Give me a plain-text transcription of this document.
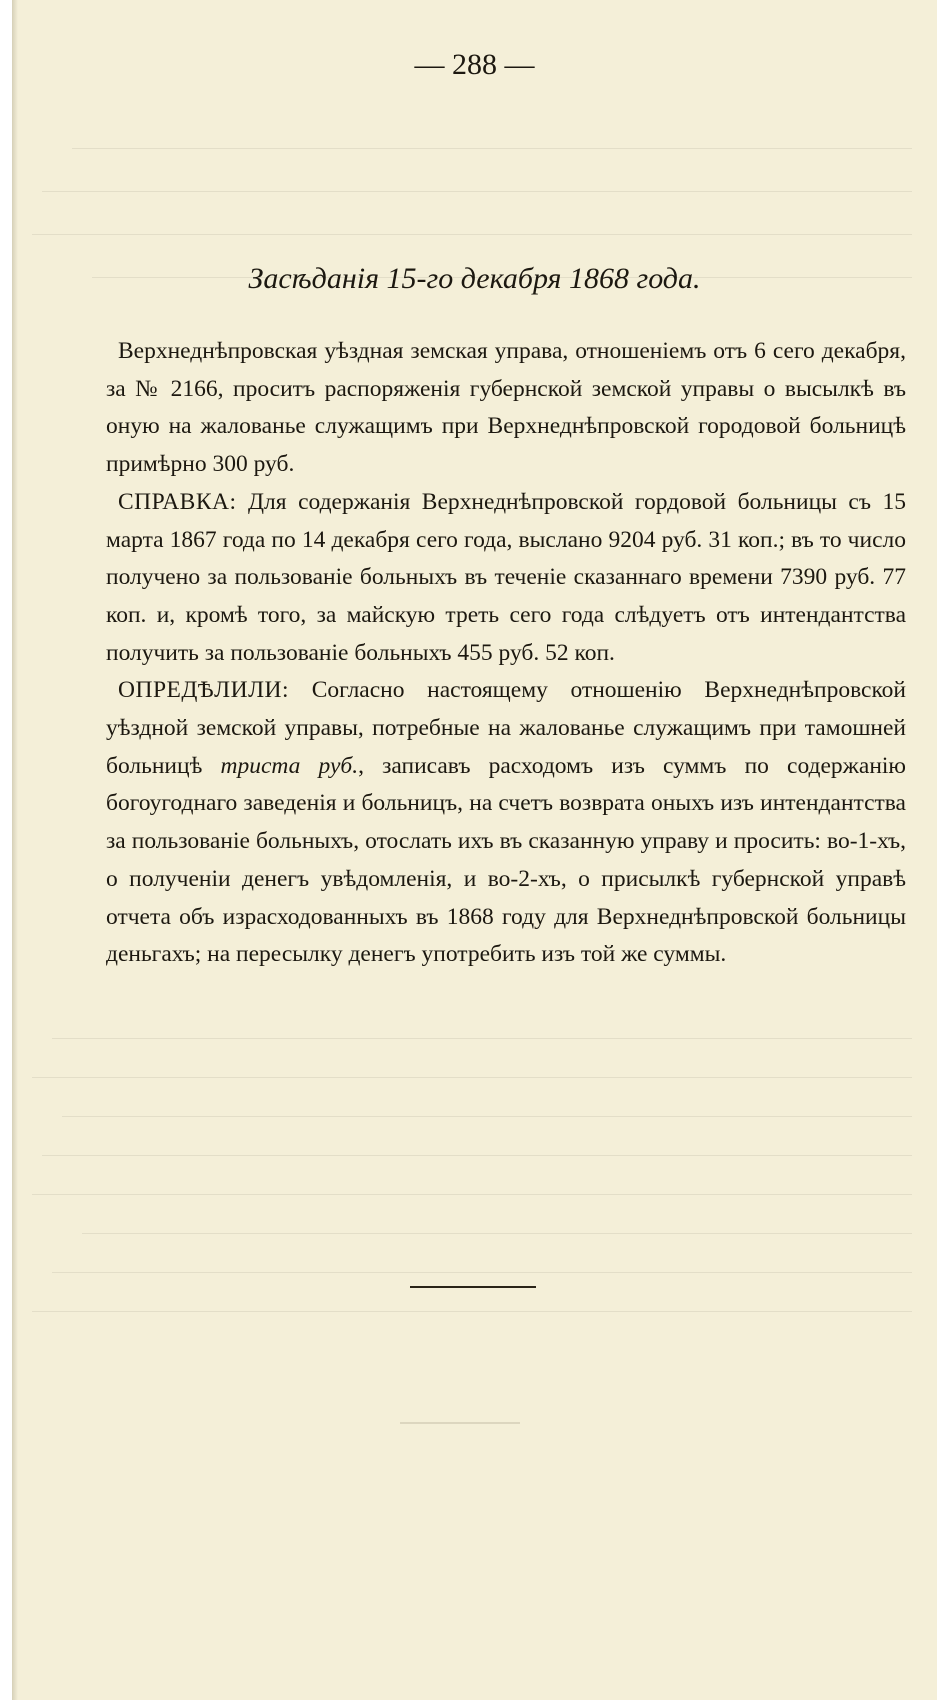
— 288 —
Засѣданія 15-го декабря 1868 года.

Верхнеднѣпровская уѣздная земская управа, отношеніемъ отъ 6 сего декабря, за № 2166, проситъ распоряженія губернской земской управы о высылкѣ въ оную на жалованье служащимъ при Верхнеднѣпровской городовой больницѣ примѣрно 300 руб.

СПРАВКА: Для содержанія Верхнеднѣпровской гордовой больницы съ 15 марта 1867 года по 14 декабря сего года, выслано 9204 руб. 31 коп.; въ то число получено за пользованіе больныхъ въ теченіе сказаннаго времени 7390 руб. 77 коп. и, кромѣ того, за майскую треть сего года слѣдуетъ отъ интендантства получить за пользованіе больныхъ 455 руб. 52 коп.

ОПРЕДѢЛИЛИ: Согласно настоящему отношенію Верхнеднѣпровской уѣздной земской управы, потребные на жалованье служащимъ при тамошней больницѣ триста руб., записавъ расходомъ изъ суммъ по содержанію богоугоднаго заведенія и больницъ, на счетъ возврата оныхъ изъ интендантства за пользованіе больныхъ, отослать ихъ въ сказанную управу и просить: во-1-хъ, о полученіи денегъ увѣдомленія, и во-2-хъ, о присылкѣ губернской управѣ отчета объ израсходованныхъ въ 1868 году для Верхнеднѣпровской больницы деньгахъ; на пересылку денегъ употребить изъ той же суммы.
